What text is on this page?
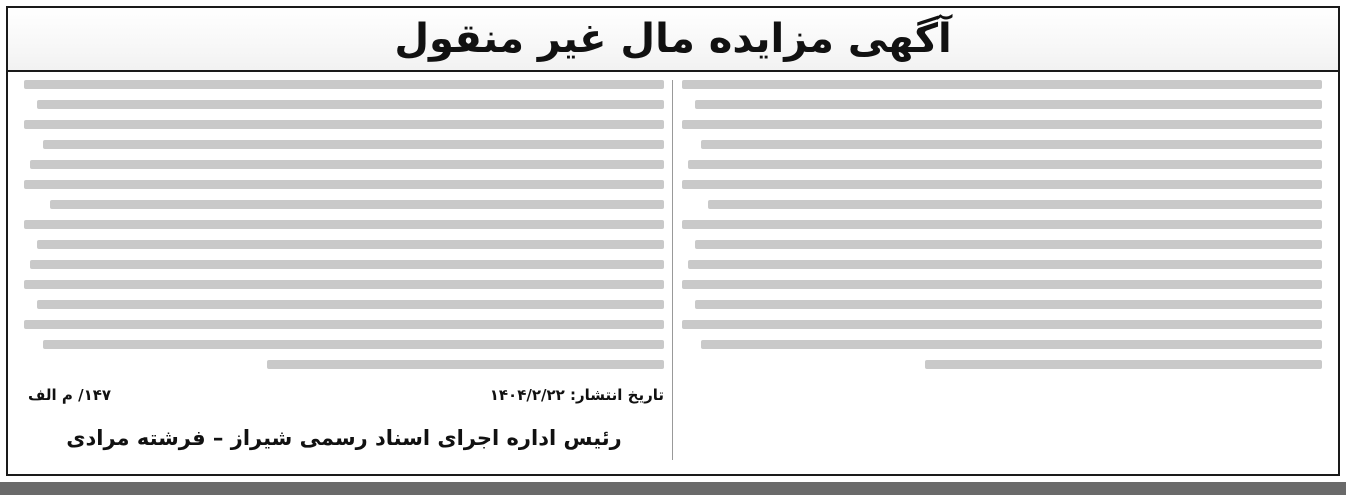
آگهی مزایده مال غیر منقول
تاریخ انتشار: ۱۴۰۴/۲/۲۲
۱۴۷/ م الف
رئیس اداره اجرای اسناد رسمی شیراز – فرشته مرادی
